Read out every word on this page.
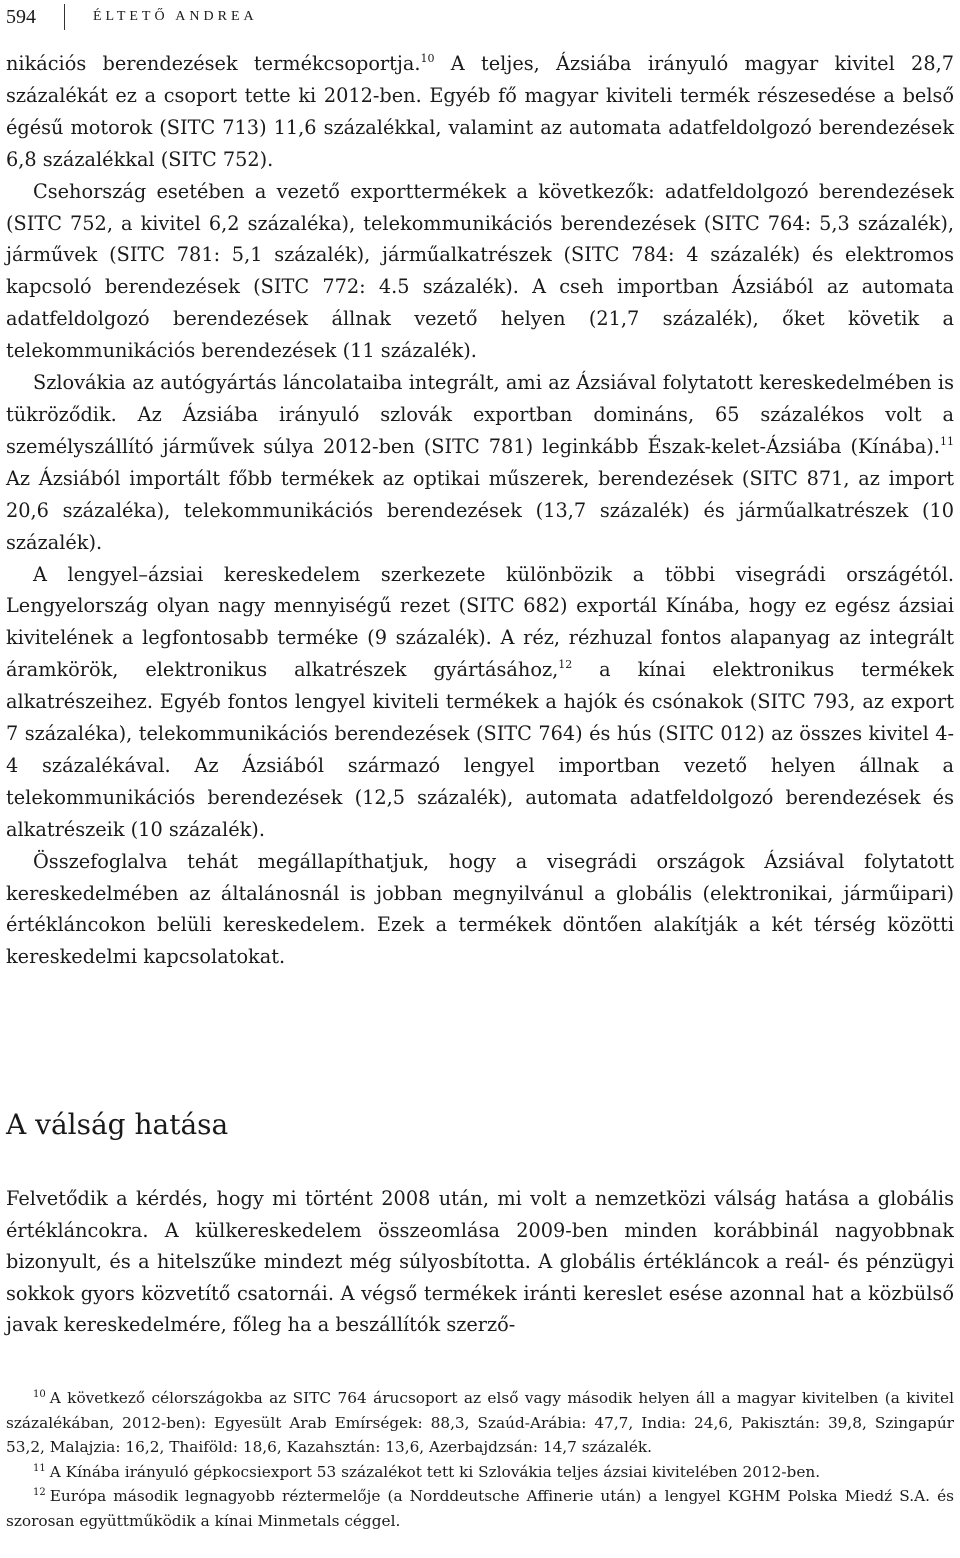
594	ÉLTETŐ ANDREA

nikációs berendezések termékcsoportja.$^{10}$ A teljes, Ázsiába irányuló magyar kivitel 28,7 százalékát ez a csoport tette ki 2012-ben. Egyéb fő magyar kiviteli termék részesedése a belső égésű motorok (SITC 713) 11,6 százalékkal, valamint az automata adatfeldolgozó berendezések 6,8 százalékkal (SITC 752).

Csehország esetében a vezető exporttermékek a következők: adatfeldolgozó berendezések (SITC 752, a kivitel 6,2 százaléka), telekommunikációs berendezések (SITC 764: 5,3 százalék), járművek (SITC 781: 5,1 százalék), járműalkatrészek (SITC 784: 4 százalék) és elektromos kapcsoló berendezések (SITC 772: 4.5 százalék). A cseh importban Ázsiából az automata adatfeldolgozó berendezések állnak vezető helyen (21,7 százalék), őket követik a telekommunikációs berendezések (11 százalék).

Szlovákia az autógyártás láncolataiba integrált, ami az Ázsiával folytatott kereskedelmében is tükröződik. Az Ázsiába irányuló szlovák exportban domináns, 65 százalékos volt a személyszállító járművek súlya 2012-ben (SITC 781) leginkább Észak-kelet-Ázsiába (Kínába).$^{11}$ Az Ázsiából importált főbb termékek az optikai műszerek, berendezések (SITC 871, az import 20,6 százaléka), telekommunikációs berendezések (13,7 százalék) és járműalkatrészek (10 százalék).

A lengyel–ázsiai kereskedelem szerkezete különbözik a többi visegrádi országétól. Lengyelország olyan nagy mennyiségű rezet (SITC 682) exportál Kínába, hogy ez egész ázsiai kivitelének a legfontosabb terméke (9 százalék). A réz, rézhuzal fontos alapanyag az integrált áramkörök, elektronikus alkatrészek gyártásához,$^{12}$ a kínai elektronikus termékek alkatrészeihez. Egyéb fontos lengyel kiviteli termékek a hajók és csónakok (SITC 793, az export 7 százaléka), telekommunikációs berendezések (SITC 764) és hús (SITC 012) az összes kivitel 4-4 százalékával. Az Ázsiából származó lengyel importban vezető helyen állnak a telekommunikációs berendezések (12,5 százalék), automata adatfeldolgozó berendezések és alkatrészeik (10 százalék).

Összefoglalva tehát megállapíthatjuk, hogy a visegrádi országok Ázsiával folytatott kereskedelmében az általánosnál is jobban megnyilvánul a globális (elektronikai, járműipari) értékláncokon belüli kereskedelem. Ezek a termékek döntően alakítják a két térség közötti kereskedelmi kapcsolatokat.

A válság hatása

Felvetődik a kérdés, hogy mi történt 2008 után, mi volt a nemzetközi válság hatása a globális értékláncokra. A külkereskedelem összeomlása 2009-ben minden korábbinál nagyobbnak bizonyult, és a hitelszűke mindezt még súlyosbította. A globális értékláncok a reál- és pénzügyi sokkok gyors közvetítő csatornái. A végső termékek iránti kereslet esése azonnal hat a közbülső javak kereskedelmére, főleg ha a beszállítók szerző-

$^{10}$ A következő célországokba az SITC 764 árucsoport az első vagy második helyen áll a magyar kivitelben (a kivitel százalékában, 2012-ben): Egyesült Arab Emírségek: 88,3, Szaúd-Arábia: 47,7, India: 24,6, Pakisztán: 39,8, Szingapúr 53,2, Malajzia: 16,2, Thaiföld: 18,6, Kazahsztán: 13,6, Azerbajdzsán: 14,7 százalék.

$^{11}$ A Kínába irányuló gépkocsiexport 53 százalékot tett ki Szlovákia teljes ázsiai kivitelében 2012-ben.

$^{12}$ Európa második legnagyobb réztermelője (a Norddeutsche Affinerie után) a lengyel KGHM Polska Miedź S.A. és szorosan együttműködik a kínai Minmetals céggel.
